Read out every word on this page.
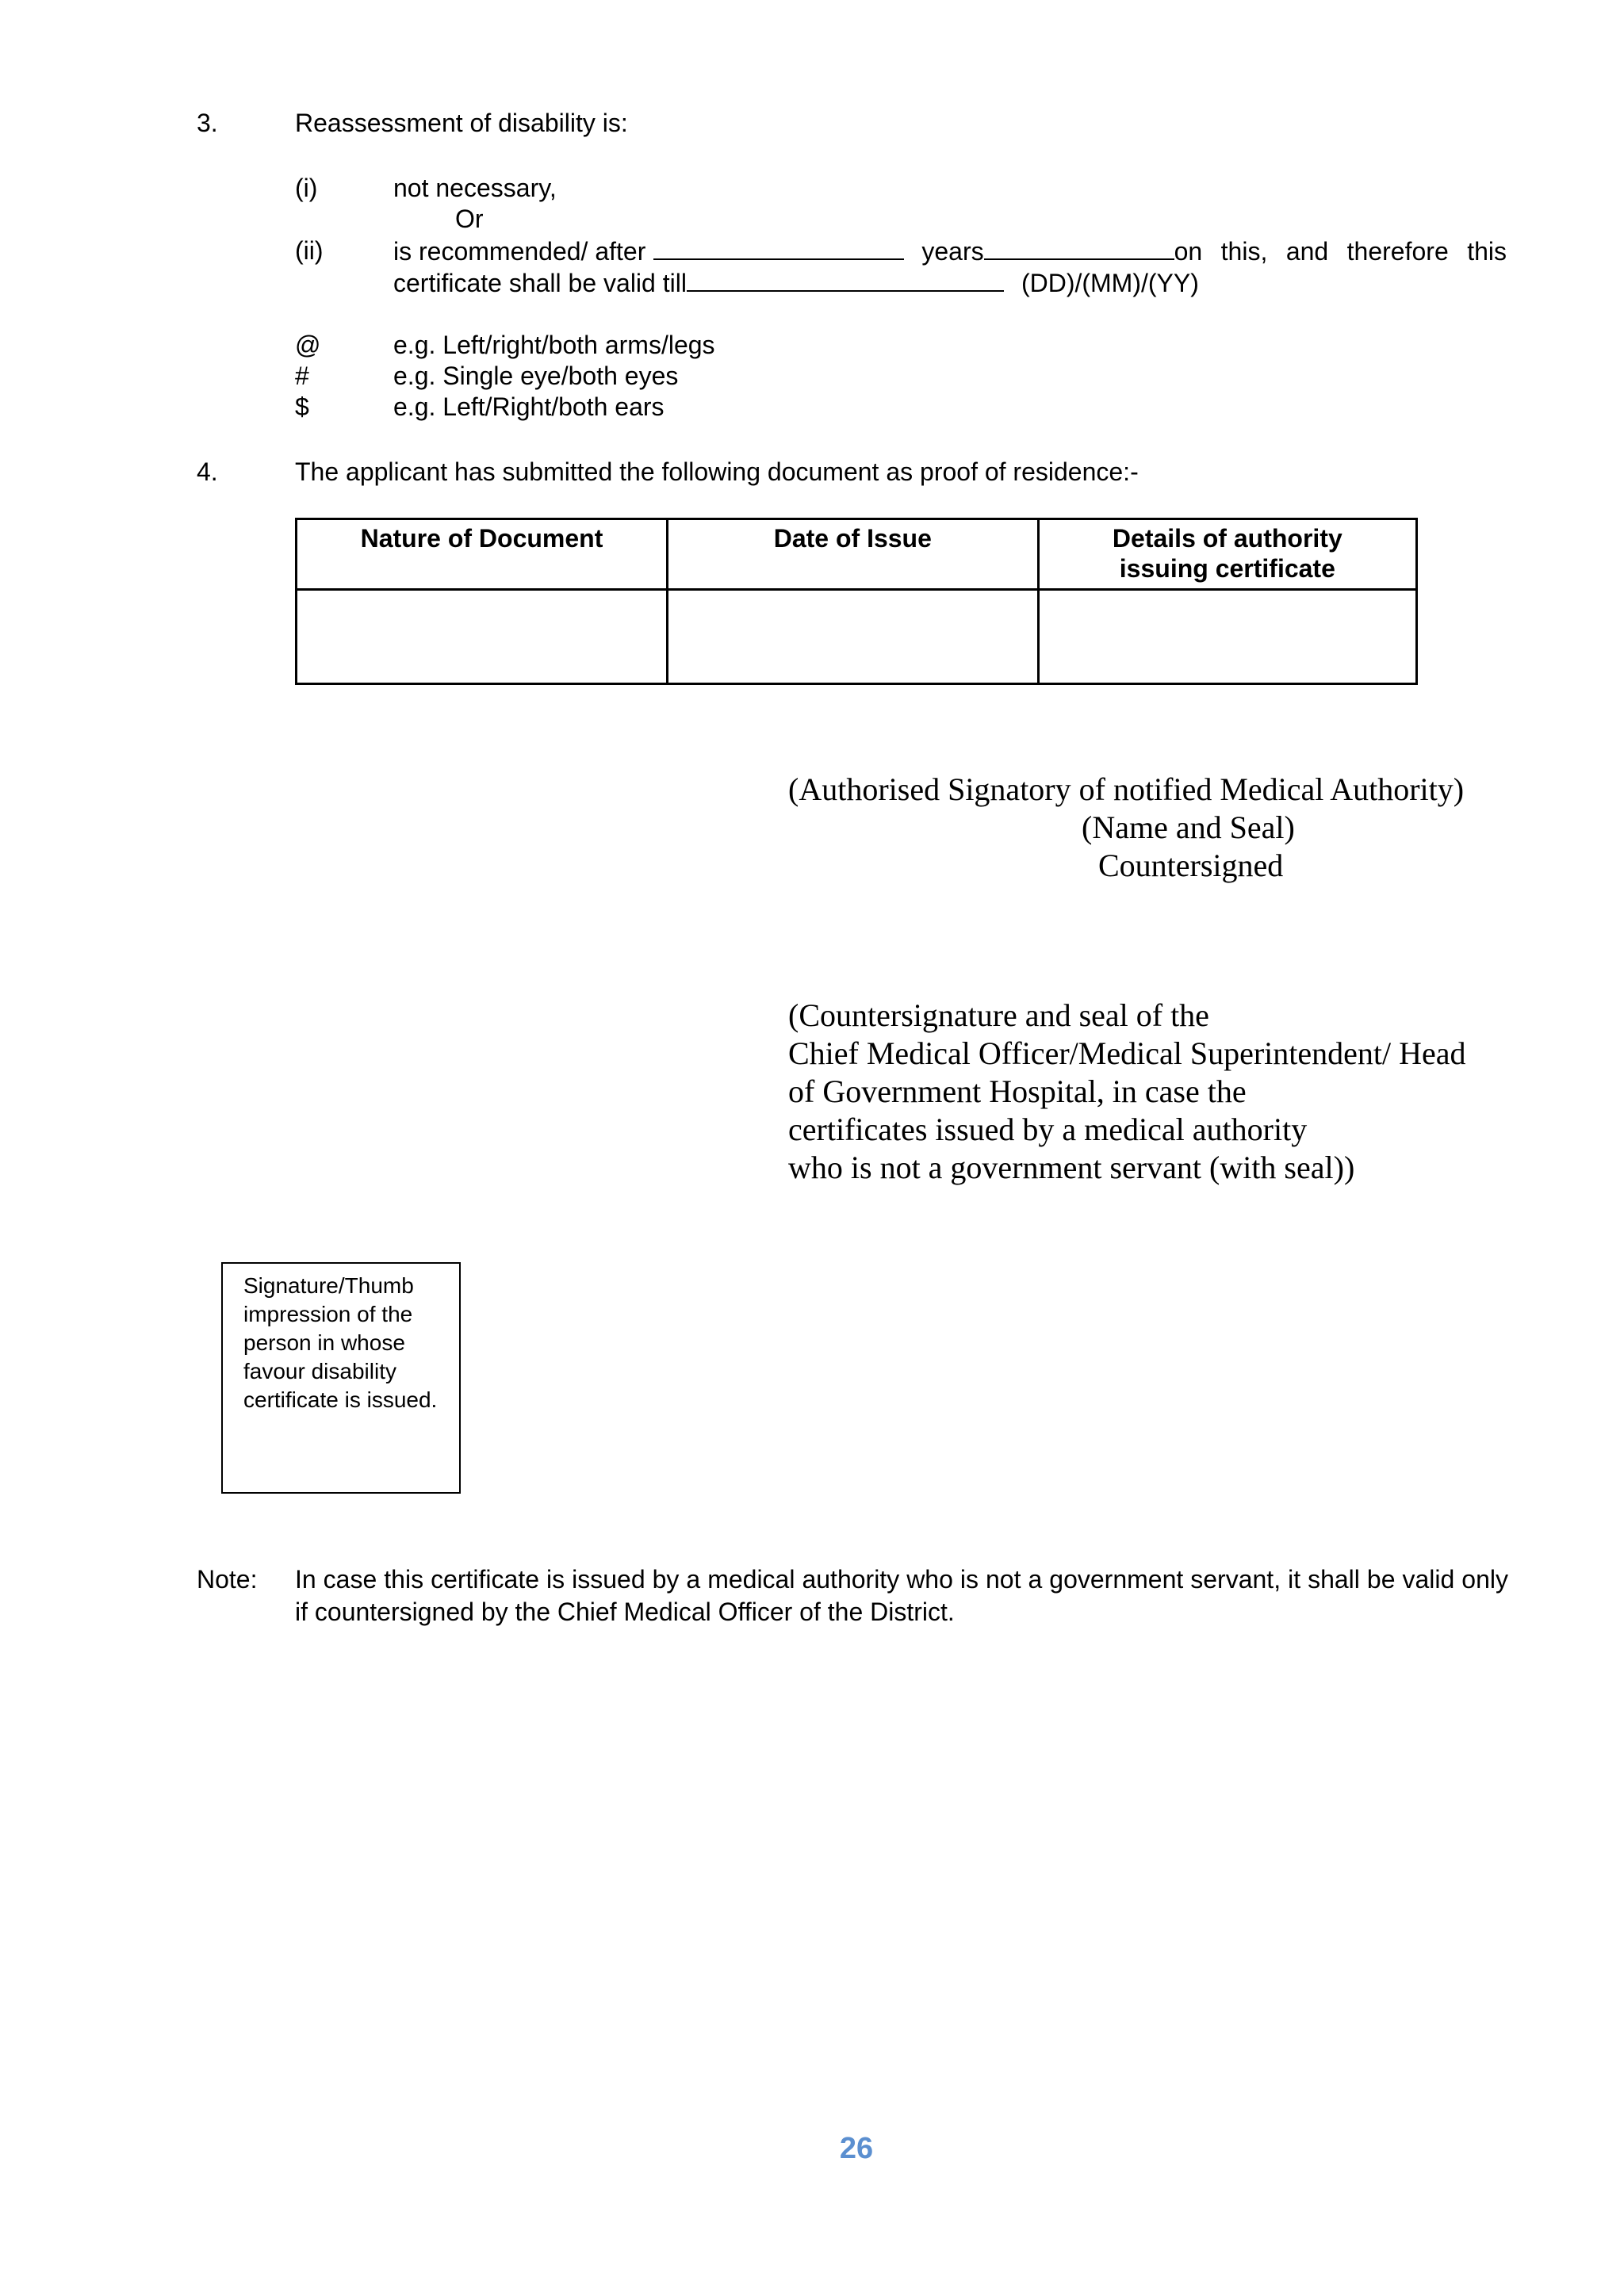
3.	Reassessment of disability is:
(i)	not necessary,
Or
(ii)	is recommended/ after	years	on this, and therefore this
certificate shall be valid till	(DD)/(MM)/(YY)
@	e.g. Left/right/both arms/legs
#	e.g. Single eye/both eyes
$	e.g. Left/Right/both ears
4.	The applicant has submitted the following document as proof of residence:-
Nature of Document	Date of Issue	Details of authority issuing certificate

(Authorised Signatory of notified Medical Authority)
(Name and Seal)
Countersigned
(Countersignature and seal of the
Chief Medical Officer/Medical Superintendent/ Head
of Government Hospital, in case the
certificates issued by a medical authority
who is not a government servant (with seal))
Signature/Thumb impression of the person in whose favour disability certificate is issued.
Note: In case this certificate is issued by a medical authority who is not a government servant, it shall be valid only if countersigned by the Chief Medical Officer of the District.
26
